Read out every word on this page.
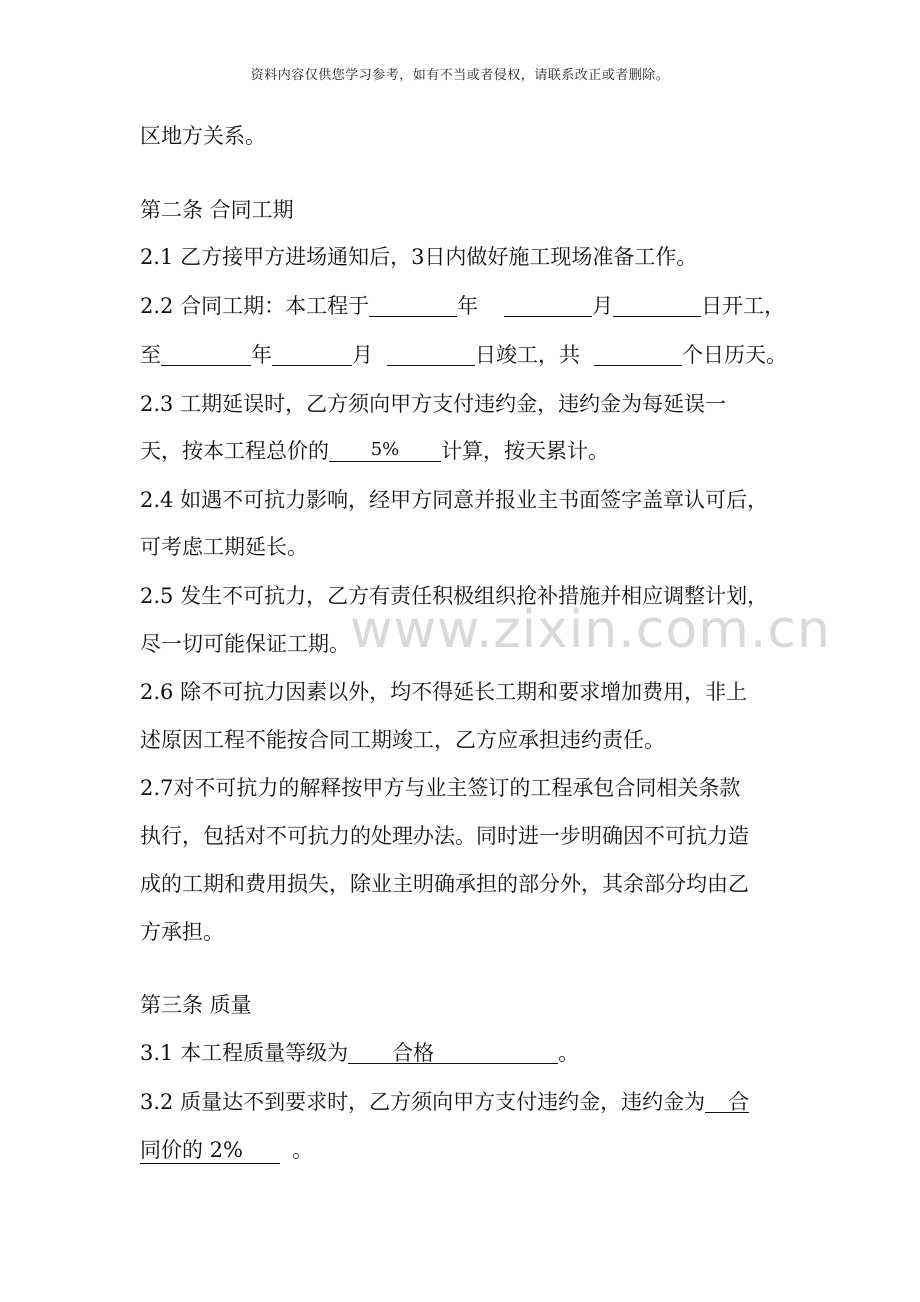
资料内容仅供您学习参考，如有不当或者侵权，请联系改正或者删除。
www.zixin.com.cn
区地方关系。
第二条 合同工期
2.1 乙方接甲方进场通知后，3日内做好施工现场准备工作。
2.2 合同工期：本工程于	年	月	日开工，
至	年	月	日竣工，共	个日历天。
2.3 工期延误时，乙方须向甲方支付违约金，违约金为每延误一
天，按本工程总价的 5% 计算，按天累计。
2.4 如遇不可抗力影响，经甲方同意并报业主书面签字盖章认可后，
可考虑工期延长。
2.5 发生不可抗力，乙方有责任积极组织抢补措施并相应调整计划，
尽一切可能保证工期。
2.6 除不可抗力因素以外，均不得延长工期和要求增加费用，非上
述原因工程不能按合同工期竣工，乙方应承担违约责任。
2.7对不可抗力的解释按甲方与业主签订的工程承包合同相关条款
执行，包括对不可抗力的处理办法。同时进一步明确因不可抗力造
成的工期和费用损失，除业主明确承担的部分外，其余部分均由乙
方承担。
第三条 质量
3.1 本工程质量等级为 合格	。
3.2 质量达不到要求时，乙方须向甲方支付违约金，违约金为 合
同价的 2% 。
